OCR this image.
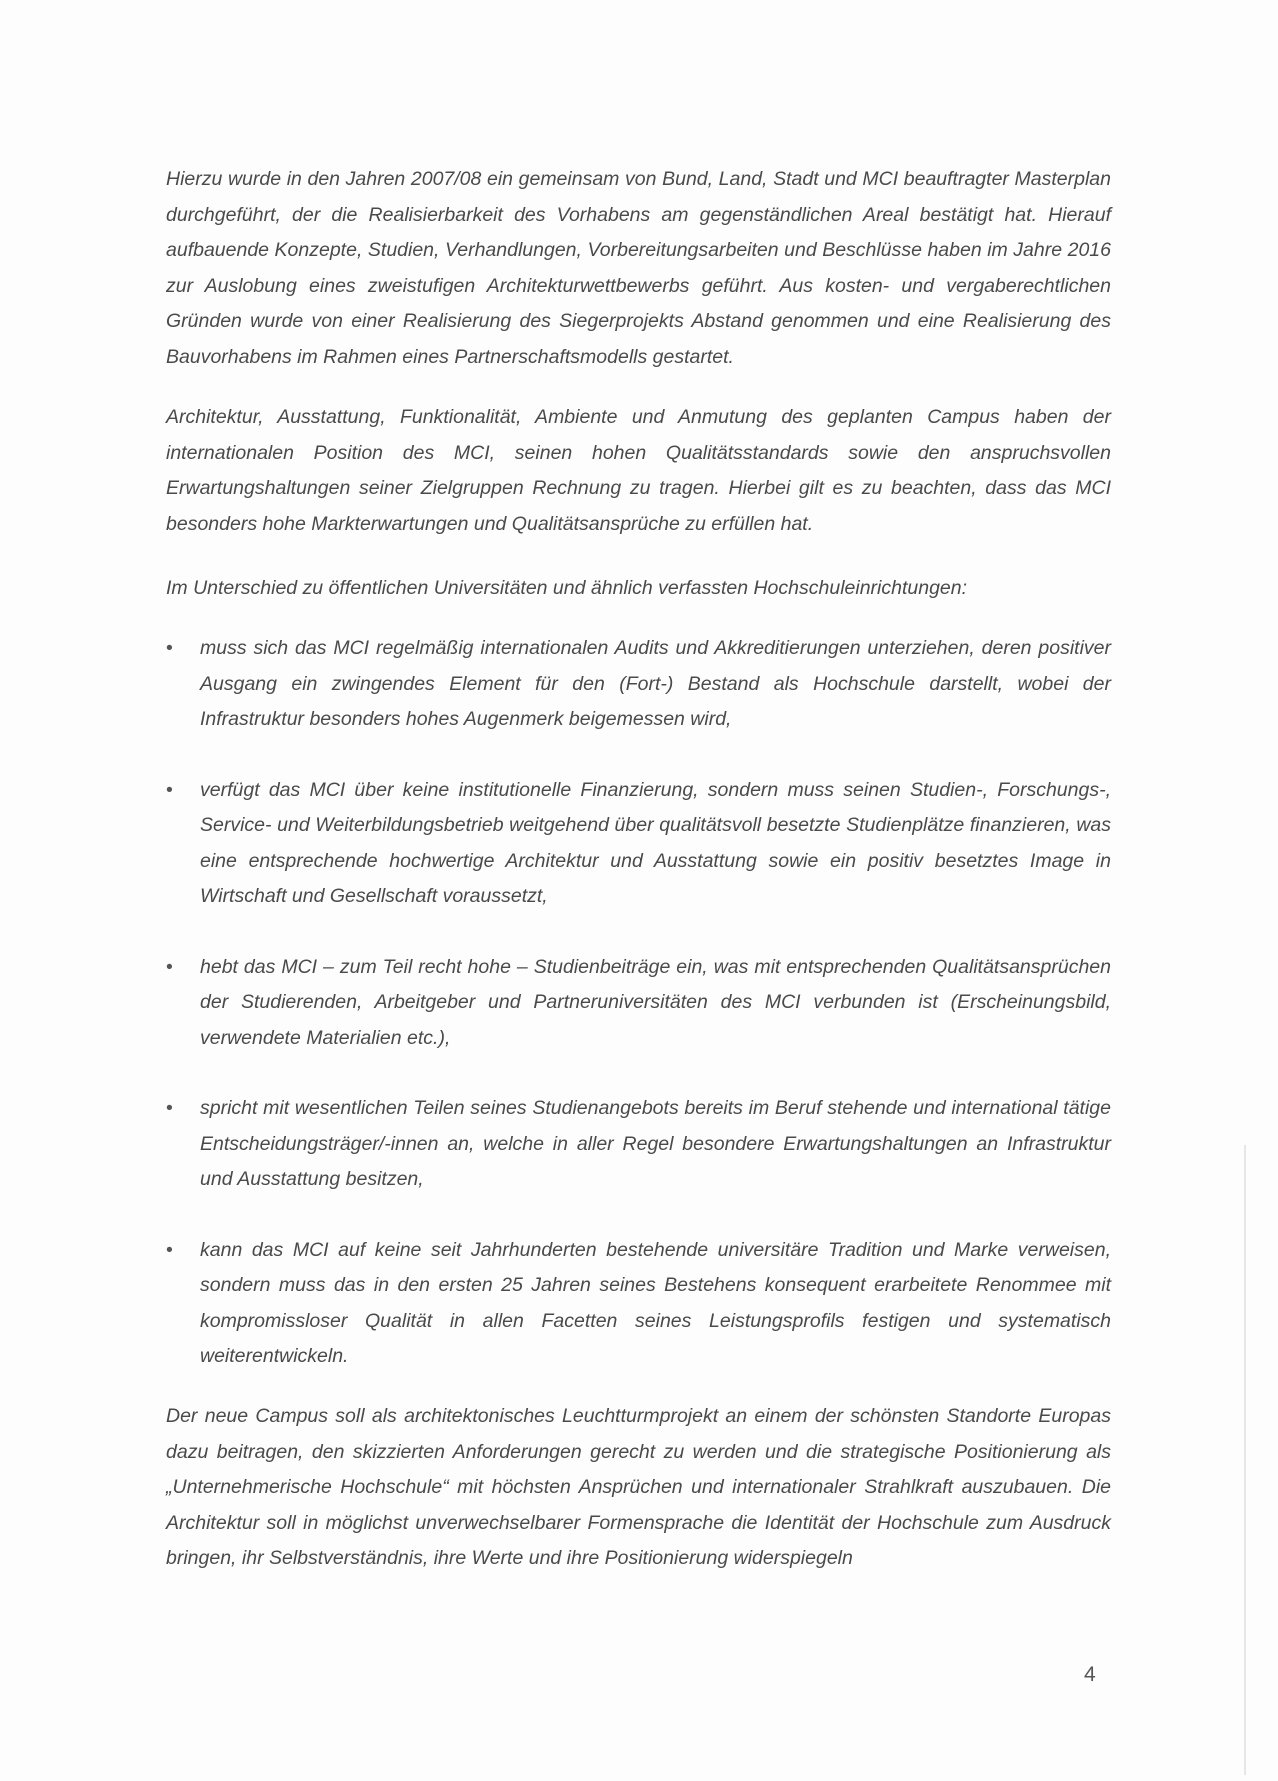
Hierzu wurde in den Jahren 2007/08 ein gemeinsam von Bund, Land, Stadt und MCI beauftragter Masterplan durchgeführt, der die Realisierbarkeit des Vorhabens am gegenständlichen Areal bestätigt hat. Hierauf aufbauende Konzepte, Studien, Verhandlungen, Vorbereitungsarbeiten und Beschlüsse haben im Jahre 2016 zur Auslobung eines zweistufigen Architekturwettbewerbs geführt. Aus kosten- und vergaberechtlichen Gründen wurde von einer Realisierung des Siegerprojekts Abstand genommen und eine Realisierung des Bauvorhabens im Rahmen eines Partnerschaftsmodells gestartet.

Architektur, Ausstattung, Funktionalität, Ambiente und Anmutung des geplanten Campus haben der internationalen Position des MCI, seinen hohen Qualitätsstandards sowie den anspruchsvollen Erwartungshaltungen seiner Zielgruppen Rechnung zu tragen. Hierbei gilt es zu beachten, dass das MCI besonders hohe Markterwartungen und Qualitätsansprüche zu erfüllen hat.

Im Unterschied zu öffentlichen Universitäten und ähnlich verfassten Hochschuleinrichtungen:

•	muss sich das MCI regelmäßig internationalen Audits und Akkreditierungen unterziehen, deren positiver Ausgang ein zwingendes Element für den (Fort-) Bestand als Hochschule darstellt, wobei der Infrastruktur besonders hohes Augenmerk beigemessen wird,
•	verfügt das MCI über keine institutionelle Finanzierung, sondern muss seinen Studien-, Forschungs-, Service- und Weiterbildungsbetrieb weitgehend über qualitätsvoll besetzte Studienplätze finanzieren, was eine entsprechende hochwertige Architektur und Ausstattung sowie ein positiv besetztes Image in Wirtschaft und Gesellschaft voraussetzt,
•	hebt das MCI – zum Teil recht hohe – Studienbeiträge ein, was mit entsprechenden Qualitätsansprüchen der Studierenden, Arbeitgeber und Partneruniversitäten des MCI verbunden ist (Erscheinungsbild, verwendete Materialien etc.),
•	spricht mit wesentlichen Teilen seines Studienangebots bereits im Beruf stehende und international tätige Entscheidungsträger/-innen an, welche in aller Regel besondere Erwartungshaltungen an Infrastruktur und Ausstattung besitzen,
•	kann das MCI auf keine seit Jahrhunderten bestehende universitäre Tradition und Marke verweisen, sondern muss das in den ersten 25 Jahren seines Bestehens konsequent erarbeitete Renommee mit kompromissloser Qualität in allen Facetten seines Leistungsprofils festigen und systematisch weiterentwickeln.

Der neue Campus soll als architektonisches Leuchtturmprojekt an einem der schönsten Standorte Europas dazu beitragen, den skizzierten Anforderungen gerecht zu werden und die strategische Positionierung als „Unternehmerische Hochschule“ mit höchsten Ansprüchen und internationaler Strahlkraft auszubauen. Die Architektur soll in möglichst unverwechselbarer Formensprache die Identität der Hochschule zum Ausdruck bringen, ihr Selbstverständnis, ihre Werte und ihre Positionierung widerspiegeln

4
